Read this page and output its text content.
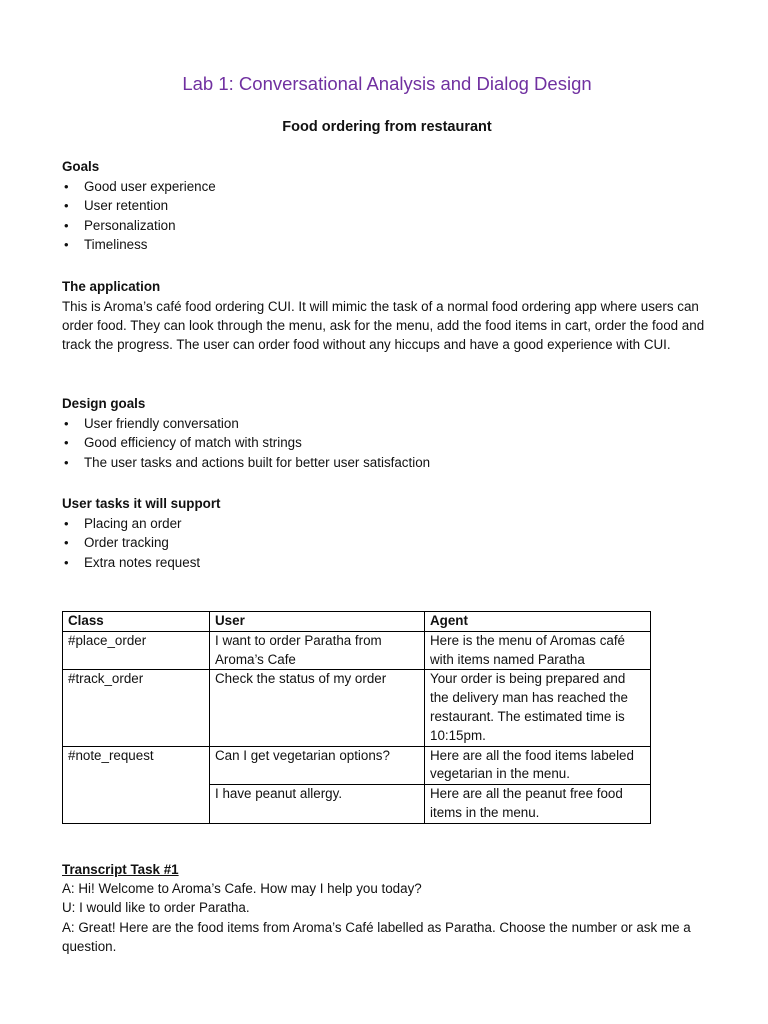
Lab 1: Conversational Analysis and Dialog Design
Food ordering from restaurant
Goals
• Good user experience
• User retention
• Personalization
• Timeliness
The application

This is Aroma’s café food ordering CUI. It will mimic the task of a normal food ordering app where users can order food. They can look through the menu, ask for the menu, add the food items in cart, order the food and track the progress. The user can order food without any hiccups and have a good experience with CUI.

Design goals
• User friendly conversation
• Good efficiency of match with strings
• The user tasks and actions built for better user satisfaction
User tasks it will support
• Placing an order
• Order tracking
• Extra notes request
Class	User	Agent
#place_order	I want to order Paratha from Aroma’s Cafe	Here is the menu of Aromas café with items named Paratha
#track_order	Check the status of my order	Your order is being prepared and the delivery man has reached the restaurant. The estimated time is 10:15pm.
#note_request	Can I get vegetarian options?	Here are all the food items labeled vegetarian in the menu.
	I have peanut allergy.	Here are all the peanut free food items in the menu.
Transcript Task #1

A: Hi! Welcome to Aroma’s Cafe. How may I help you today?

U: I would like to order Paratha.

A: Great! Here are the food items from Aroma’s Café labelled as Paratha. Choose the number or ask me a question.
